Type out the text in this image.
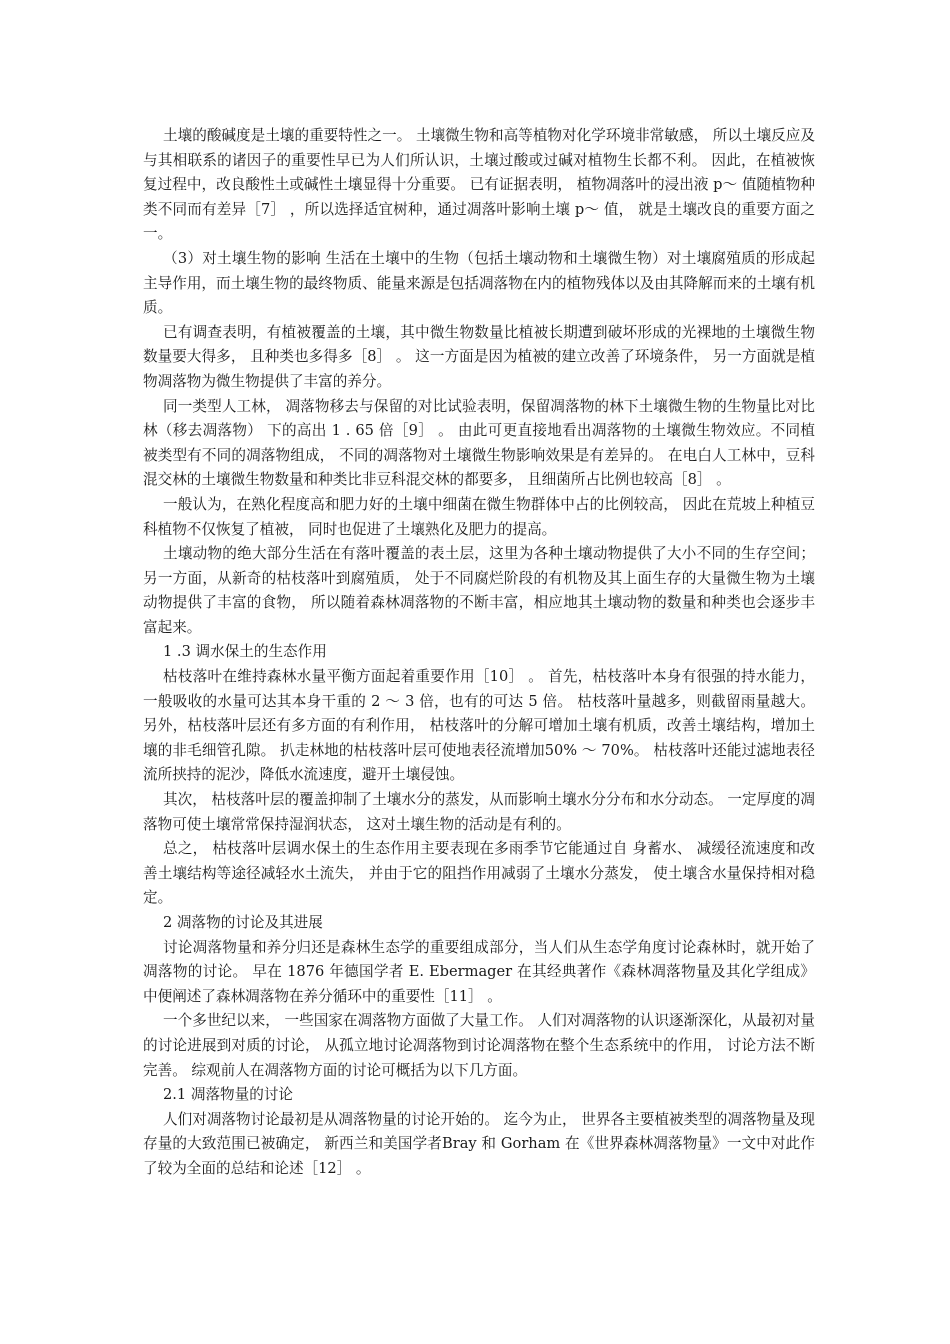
土壤的酸碱度是土壤的重要特性之一。 土壤微生物和高等植物对化学环境非常敏感， 所以土壤反应及与其相联系的诸因子的重要性早已为人们所认识，土壤过酸或过碱对植物生长都不利。 因此，在植被恢复过程中，改良酸性土或碱性土壤显得十分重要。 已有证据表明， 植物凋落叶的浸出液 p～ 值随植物种类不同而有差异［7］ ，所以选择适宜树种，通过凋落叶影响土壤 p～ 值， 就是土壤改良的重要方面之一。

（3）对土壤生物的影响 生活在土壤中的生物（包括土壤动物和土壤微生物）对土壤腐殖质的形成起主导作用，而土壤生物的最终物质、能量来源是包括凋落物在内的植物残体以及由其降解而来的土壤有机质。

已有调查表明，有植被覆盖的土壤，其中微生物数量比植被长期遭到破坏形成的光裸地的土壤微生物数量要大得多， 且种类也多得多［8］ 。 这一方面是因为植被的建立改善了环境条件， 另一方面就是植物凋落物为微生物提供了丰富的养分。

同一类型人工林， 凋落物移去与保留的对比试验表明，保留凋落物的林下土壤微生物的生物量比对比林（移去凋落物） 下的高出 1 . 65 倍［9］ 。 由此可更直接地看出凋落物的土壤微生物效应。不同植被类型有不同的凋落物组成， 不同的凋落物对土壤微生物影响效果是有差异的。 在电白人工林中，豆科混交林的土壤微生物数量和种类比非豆科混交林的都要多， 且细菌所占比例也较高［8］ 。

一般认为，在熟化程度高和肥力好的土壤中细菌在微生物群体中占的比例较高， 因此在荒坡上种植豆科植物不仅恢复了植被， 同时也促进了土壤熟化及肥力的提高。

土壤动物的绝大部分生活在有落叶覆盖的表土层，这里为各种土壤动物提供了大小不同的生存空间；另一方面，从新奇的枯枝落叶到腐殖质， 处于不同腐烂阶段的有机物及其上面生存的大量微生物为土壤动物提供了丰富的食物， 所以随着森林凋落物的不断丰富，相应地其土壤动物的数量和种类也会逐步丰富起来。

1 .3 调水保土的生态作用

枯枝落叶在维持森林水量平衡方面起着重要作用［10］ 。 首先，枯枝落叶本身有很强的持水能力， 一般吸收的水量可达其本身干重的 2 ～ 3 倍，也有的可达 5 倍。 枯枝落叶量越多，则截留雨量越大。 另外，枯枝落叶层还有多方面的有利作用， 枯枝落叶的分解可增加土壤有机质，改善土壤结构，增加土壤的非毛细管孔隙。 扒走林地的枯枝落叶层可使地表径流增加50% ～ 70%。 枯枝落叶还能过滤地表径流所挟持的泥沙，降低水流速度，避开土壤侵蚀。

其次， 枯枝落叶层的覆盖抑制了土壤水分的蒸发，从而影响土壤水分分布和水分动态。 一定厚度的凋落物可使土壤常常保持湿润状态， 这对土壤生物的活动是有利的。

总之， 枯枝落叶层调水保土的生态作用主要表现在多雨季节它能通过自 身蓄水、 减缓径流速度和改善土壤结构等途径减轻水土流失， 并由于它的阻挡作用减弱了土壤水分蒸发， 使土壤含水量保持相对稳定。

2 凋落物的讨论及其进展

讨论凋落物量和养分归还是森林生态学的重要组成部分，当人们从生态学角度讨论森林时，就开始了凋落物的讨论。 早在 1876 年德国学者 E. Ebermager 在其经典著作《森林凋落物量及其化学组成》中便阐述了森林凋落物在养分循环中的重要性［11］ 。

一个多世纪以来， 一些国家在凋落物方面做了大量工作。 人们对凋落物的认识逐渐深化，从最初对量的讨论进展到对质的讨论， 从孤立地讨论凋落物到讨论凋落物在整个生态系统中的作用， 讨论方法不断完善。 综观前人在凋落物方面的讨论可概括为以下几方面。

2.1 凋落物量的讨论

人们对凋落物讨论最初是从凋落物量的讨论开始的。 迄今为止， 世界各主要植被类型的凋落物量及现存量的大致范围已被确定， 新西兰和美国学者Bray 和 Gorham 在《世界森林凋落物量》一文中对此作了较为全面的总结和论述［12］ 。
